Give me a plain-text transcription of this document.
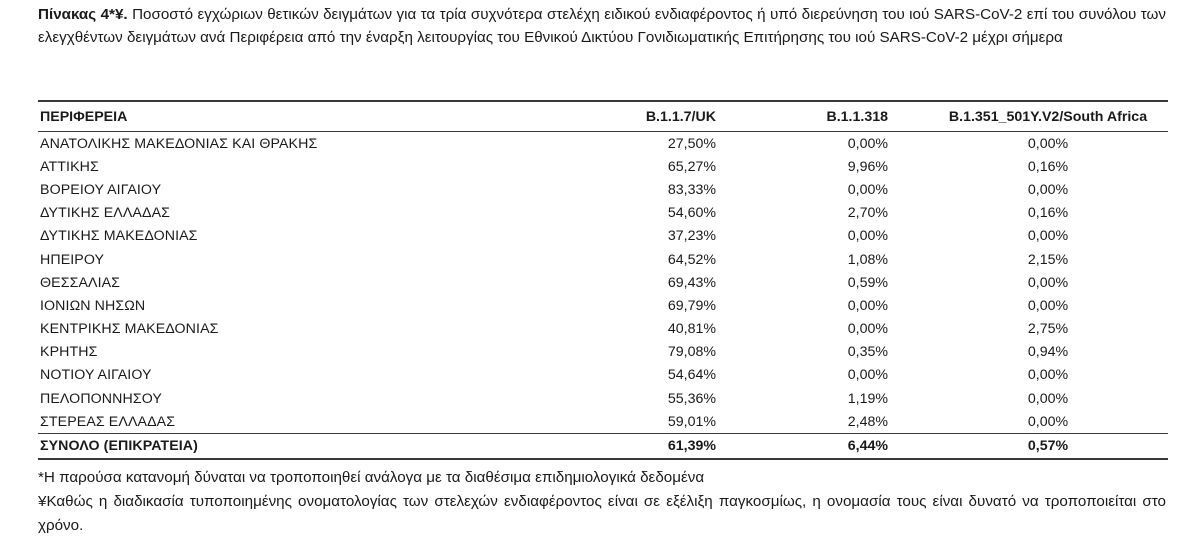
Πίνακας 4*¥. Ποσοστό εγχώριων θετικών δειγμάτων για τα τρία συχνότερα στελέχη ειδικού ενδιαφέροντος ή υπό διερεύνηση του ιού SARS-CoV-2 επί του συνόλου των ελεγχθέντων δειγμάτων ανά Περιφέρεια από την έναρξη λειτουργίας του Εθνικού Δικτύου Γονιδιωματικής Επιτήρησης του ιού SARS-CoV-2 μέχρι σήμερα
ΠΕΡΙΦΕΡΕΙΑ	B.1.1.7/UK	B.1.1.318	B.1.351_501Y.V2/South Africa
ΑΝΑΤΟΛΙΚΗΣ ΜΑΚΕΔΟΝΙΑΣ ΚΑΙ ΘΡΑΚΗΣ	27,50%	0,00%	0,00%
ΑΤΤΙΚΗΣ	65,27%	9,96%	0,16%
ΒΟΡΕΙΟΥ ΑΙΓΑΙΟΥ	83,33%	0,00%	0,00%
ΔΥΤΙΚΗΣ ΕΛΛΑΔΑΣ	54,60%	2,70%	0,16%
ΔΥΤΙΚΗΣ ΜΑΚΕΔΟΝΙΑΣ	37,23%	0,00%	0,00%
ΗΠΕΙΡΟΥ	64,52%	1,08%	2,15%
ΘΕΣΣΑΛΙΑΣ	69,43%	0,59%	0,00%
ΙΟΝΙΩΝ ΝΗΣΩΝ	69,79%	0,00%	0,00%
ΚΕΝΤΡΙΚΗΣ ΜΑΚΕΔΟΝΙΑΣ	40,81%	0,00%	2,75%
ΚΡΗΤΗΣ	79,08%	0,35%	0,94%
ΝΟΤΙΟΥ ΑΙΓΑΙΟΥ	54,64%	0,00%	0,00%
ΠΕΛΟΠΟΝΝΗΣΟΥ	55,36%	1,19%	0,00%
ΣΤΕΡΕΑΣ ΕΛΛΑΔΑΣ	59,01%	2,48%	0,00%
ΣΥΝΟΛΟ (ΕΠΙΚΡΑΤΕΙΑ)	61,39%	6,44%	0,57%

*Η παρούσα κατανομή δύναται να τροποποιηθεί ανάλογα με τα διαθέσιμα επιδημιολογικά δεδομένα

¥Καθώς η διαδικασία τυποποιημένης ονοματολογίας των στελεχών ενδιαφέροντος είναι σε εξέλιξη παγκοσμίως, η ονομασία τους είναι δυνατό να τροποποιείται στο χρόνο.
